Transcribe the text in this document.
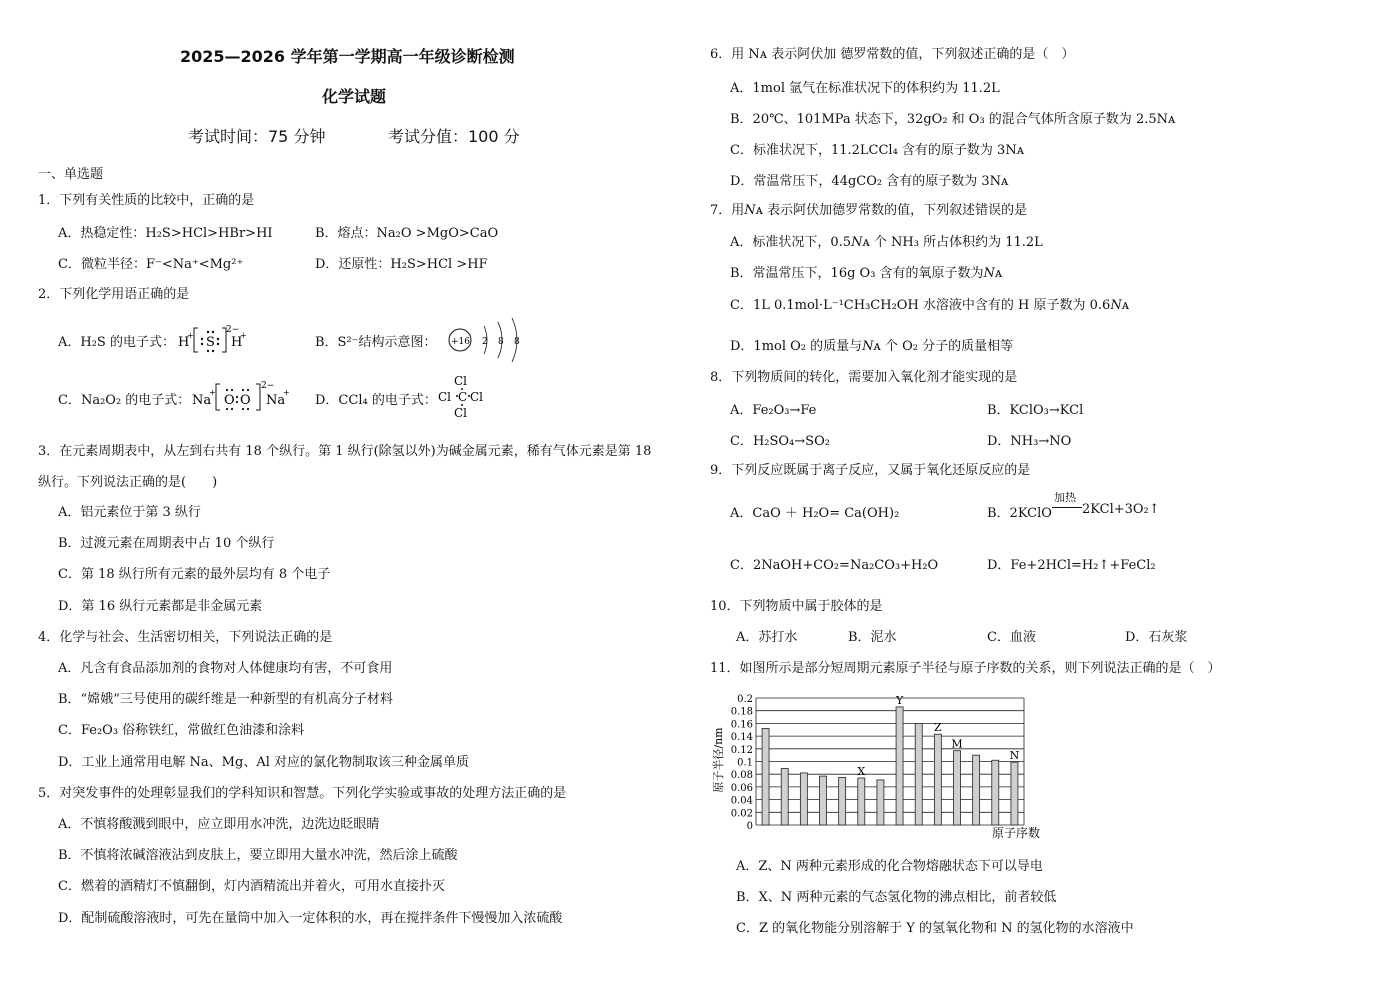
2025—2026 学年第一学期高一年级诊断检测
化学试题
考试时间：75 分钟	考试分值：100 分
一、单选题
1．下列有关性质的比较中，正确的是
A．热稳定性：H₂S>HCl>HBr>HI	B．熔点：Na₂O >MgO>CaO
C．微粒半径：F⁻<Na⁺<Mg²⁺	D．还原性：H₂S>HCl >HF
2．下列化学用语正确的是
A．H₂S 的电子式： H
+ S
2−
H
+	B．S²⁻结构示意图： +16 2 8 8
C．Na₂O₂ 的电子式： Na
+
O O
2−
Na
+
D．CCl₄ 的电子式：
Cl
Cl C Cl
Cl
3．在元素周期表中，从左到右共有 18 个纵行。第 1 纵行(除氢以外)为碱金属元素，稀有气体元素是第 18
纵行。下列说法正确的是(　　)
A．铝元素位于第 3 纵行
B．过渡元素在周期表中占 10 个纵行
C．第 18 纵行所有元素的最外层均有 8 个电子
D．第 16 纵行元素都是非金属元素
4．化学与社会、生活密切相关，下列说法正确的是
A．凡含有食品添加剂的食物对人体健康均有害，不可食用
B．“嫦娥”三号使用的碳纤维是一种新型的有机高分子材料
C．Fe₂O₃ 俗称铁红，常做红色油漆和涂料
D．工业上通常用电解 Na、Mg、Al 对应的氯化物制取该三种金属单质
5．对突发事件的处理彰显我们的学科知识和智慧。下列化学实验或事故的处理方法正确的是
A．不慎将酸溅到眼中，应立即用水冲洗，边洗边眨眼睛
B．不慎将浓碱溶液沾到皮肤上，要立即用大量水冲洗，然后涂上硫酸
C．燃着的酒精灯不慎翻倒，灯内酒精流出并着火，可用水直接扑灭
D．配制硫酸溶液时，可先在量筒中加入一定体积的水，再在搅拌条件下慢慢加入浓硫酸
6．用 Nᴀ 表示阿伏加 德罗常数的值，下列叙述正确的是（　）
A．1mol 氩气在标准状况下的体积约为 11.2L
B．20℃、101MPa 状态下，32gO₂ 和 O₃ 的混合气体所含原子数为 2.5Nᴀ
C．标准状况下，11.2LCCl₄ 含有的原子数为 3Nᴀ
D．常温常压下，44gCO₂ 含有的原子数为 3Nᴀ
7．用𝑁ᴀ 表示阿伏加德罗常数的值，下列叙述错误的是
A．标准状况下，0.5𝑁ᴀ 个 NH₃ 所占体积约为 11.2L
B．常温常压下，16g O₃ 含有的氧原子数为𝑁ᴀ
C．1L 0.1mol·L⁻¹CH₃CH₂OH 水溶液中含有的 H 原子数为 0.6𝑁ᴀ
D．1mol O₂ 的质量与𝑁ᴀ 个 O₂ 分子的质量相等
8．下列物质间的转化，需要加入氧化剂才能实现的是
A．Fe₂O₃→Fe	B．KClO₃→KCl
C．H₂SO₄→SO₂	D．NH₃→NO
9．下列反应既属于离子反应，又属于氧化还原反应的是
A．CaO ＋ H₂O= Ca(OH)₂	B．2KClO
加热
2KCl+3O₂↑
C．2NaOH+CO₂=Na₂CO₃+H₂O	D．Fe+2HCl=H₂↑+FeCl₂
10．下列物质中属于胶体的是
A．苏打水	B．泥水	C．血液	D．石灰浆
11．如图所示是部分短周期元素原子半径与原子序数的关系，则下列说法正确的是（　）
0
0.02
0.04
0.06
0.08
0.1
0.12
0.14
0.16
0.18
0.2
X
Y
Z
M
N
原子半径/nm
原子序数
A．Z、N 两种元素形成的化合物熔融状态下可以导电
B．X、N 两种元素的气态氢化物的沸点相比，前者较低
C．Z 的氧化物能分别溶解于 Y 的氢氧化物和 N 的氢化物的水溶液中
